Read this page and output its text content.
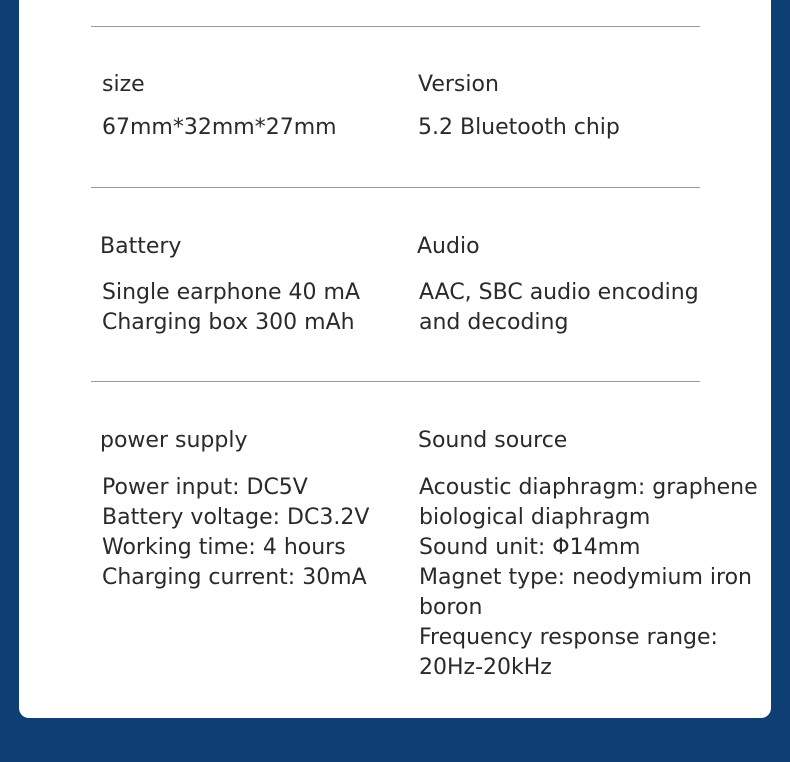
size
67mm*32mm*27mm
Version
5.2 Bluetooth chip
Battery
Single earphone 40 mA
Charging box 300 mAh
Audio
AAC, SBC audio encoding
and decoding
power supply
Power input: DC5V
Battery voltage: DC3.2V
Working time: 4 hours
Charging current: 30mA
Sound source
Acoustic diaphragm: graphene
biological diaphragm
Sound unit: Φ14mm
Magnet type: neodymium iron
boron
Frequency response range:
20Hz-20kHz
